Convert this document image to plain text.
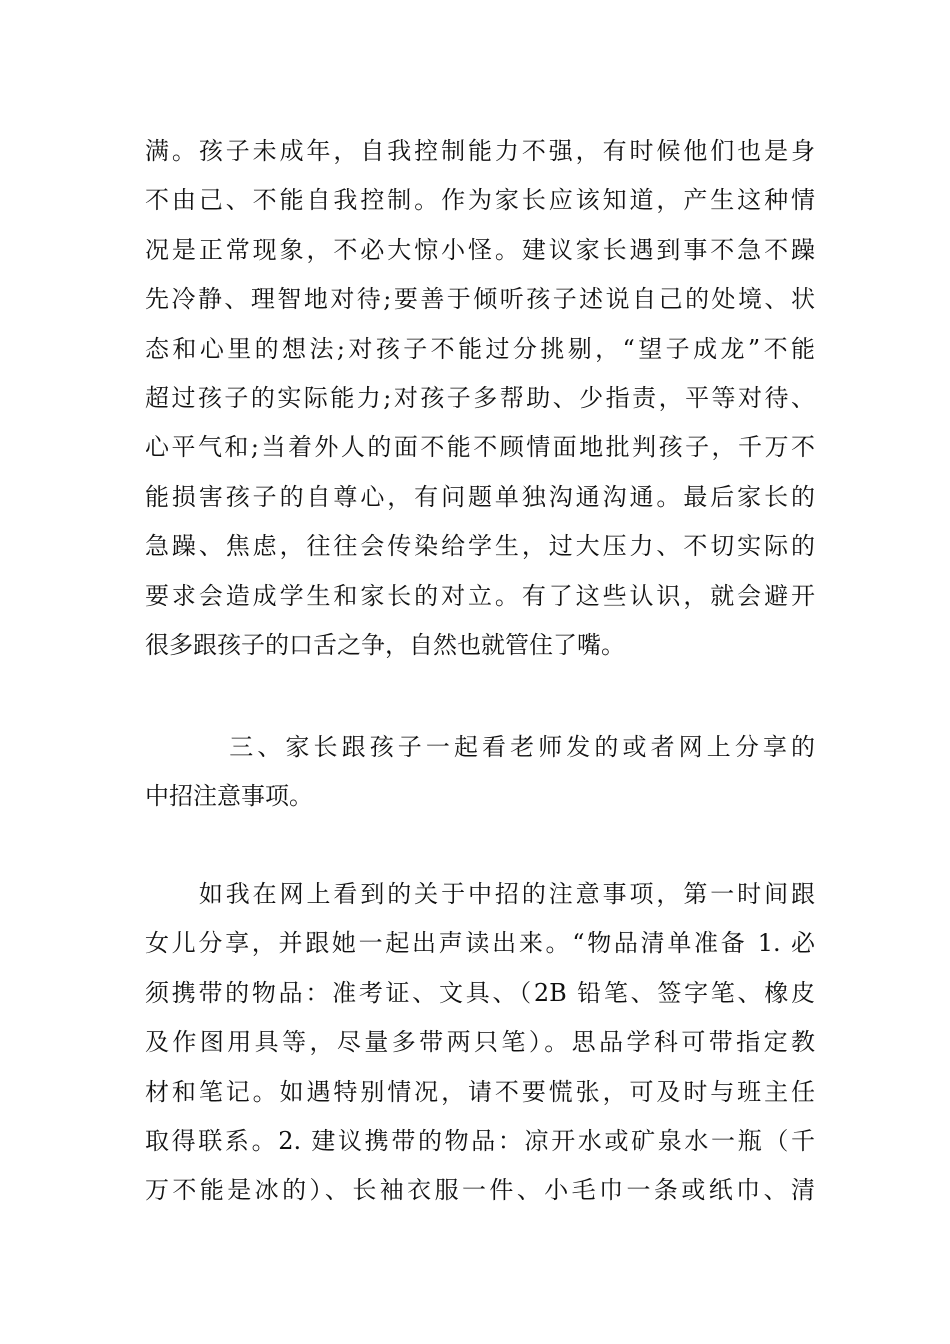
满。孩子未成年，自我控制能力不强，有时候他们也是身
不由己、不能自我控制。作为家长应该知道，产生这种情
况是正常现象，不必大惊小怪。建议家长遇到事不急不躁
先冷静、理智地对待;要善于倾听孩子述说自己的处境、状
态和心里的想法;对孩子不能过分挑剔，“望子成龙”不能
超过孩子的实际能力;对孩子多帮助、少指责，平等对待、
心平气和;当着外人的面不能不顾情面地批判孩子，千万不
能损害孩子的自尊心，有问题单独沟通沟通。最后家长的
急躁、焦虑，往往会传染给学生，过大压力、不切实际的
要求会造成学生和家长的对立。有了这些认识，就会避开
很多跟孩子的口舌之争，自然也就管住了嘴。
　　　三、家长跟孩子一起看老师发的或者网上分享的
中招注意事项。
　　如我在网上看到的关于中招的注意事项，第一时间跟
女儿分享，并跟她一起出声读出来。“物品清单准备 1. 必
须携带的物品：准考证、文具、（2B 铅笔、签字笔、橡皮
及作图用具等，尽量多带两只笔）。思品学科可带指定教
材和笔记。如遇特别情况，请不要慌张，可及时与班主任
取得联系。2. 建议携带的物品：凉开水或矿泉水一瓶（千
万不能是冰的）、长袖衣服一件、小毛巾一条或纸巾、清
